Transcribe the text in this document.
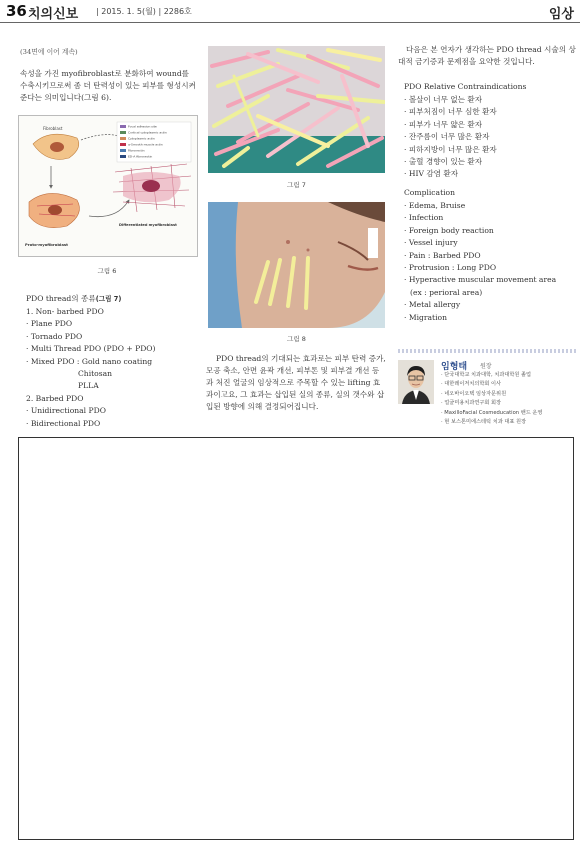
36 치의신보 | 2015. 1. 5(월) | 2286호	임상
(34면에 이어 계속)
속성을 가진 myofibroblast로 분화하여 wound를 수축시키므로써 좀 더 탄력성이 있는 피부를 형성시켜준다는 의미입니다(그림 6).
Fibroblast	Focal adhesion site
Cortical cytoplasmic actin
Cytoplasmic actin
α-Smooth muscle actin
Fibronectin
ED-A fibronectin
Differentiated myofibroblast
Proto-myofibroblast
그림 6
PDO thread의 종류(그림 7)
1. Non- barbed PDO
· Plane PDO
· Tornado PDO
· Multi Thread PDO (PDO + PDO)
· Mixed PDO : Gold nano coating
Chitosan
PLLA
2. Barbed PDO
· Unidirectional PDO
· Bidirectional PDO
그림 7
그림 8
PDO thread의 기대되는 효과로는 피부 탄력 증가, 모공 축소, 안면 윤곽 개선, 피부톤 및 피부결 개선 등과 처진 얼굴의 임상적으로 주목할 수 있는 lifting 효과이고요, 그 효과는 삽입된 실의 종류, 실의 갯수와 삽입된 방향에 의해 결정되어집니다.
다음은 본 연자가 생각하는 PDO thread 시술의 상대적 금기증과 문제점을 요약한 것입니다.
PDO Relative Contraindications
· 볼살이 너무 없는 환자
· 피부처짐이 너무 심한 환자
· 피부가 너무 얇은 환자
· 잔주름이 너무 많은 환자
· 피하지방이 너무 많은 환자
· 출혈 경향이 있는 환자
· HIV 감염 환자
Complication
· Edema, Bruise
· Infection
· Foreign body reaction
· Vessel injury
· Pain : Barbed PDO
· Protrusion : Long PDO
· Hyperactive muscular movement area
(ex : perioral area)
· Metal allergy
· Migration
임형태 원장
· 단국대학교 치과대학, 치과대학원 졸업
· 대한레이저치의학회 이사
· 네오바이오텍 임상자문위원
· 얼굴미용치과연구회 회장
· MaxilloFacial Cosmeducation 밴드 운영
· 현 보스톤미에스테틱 치과 대표 원장
